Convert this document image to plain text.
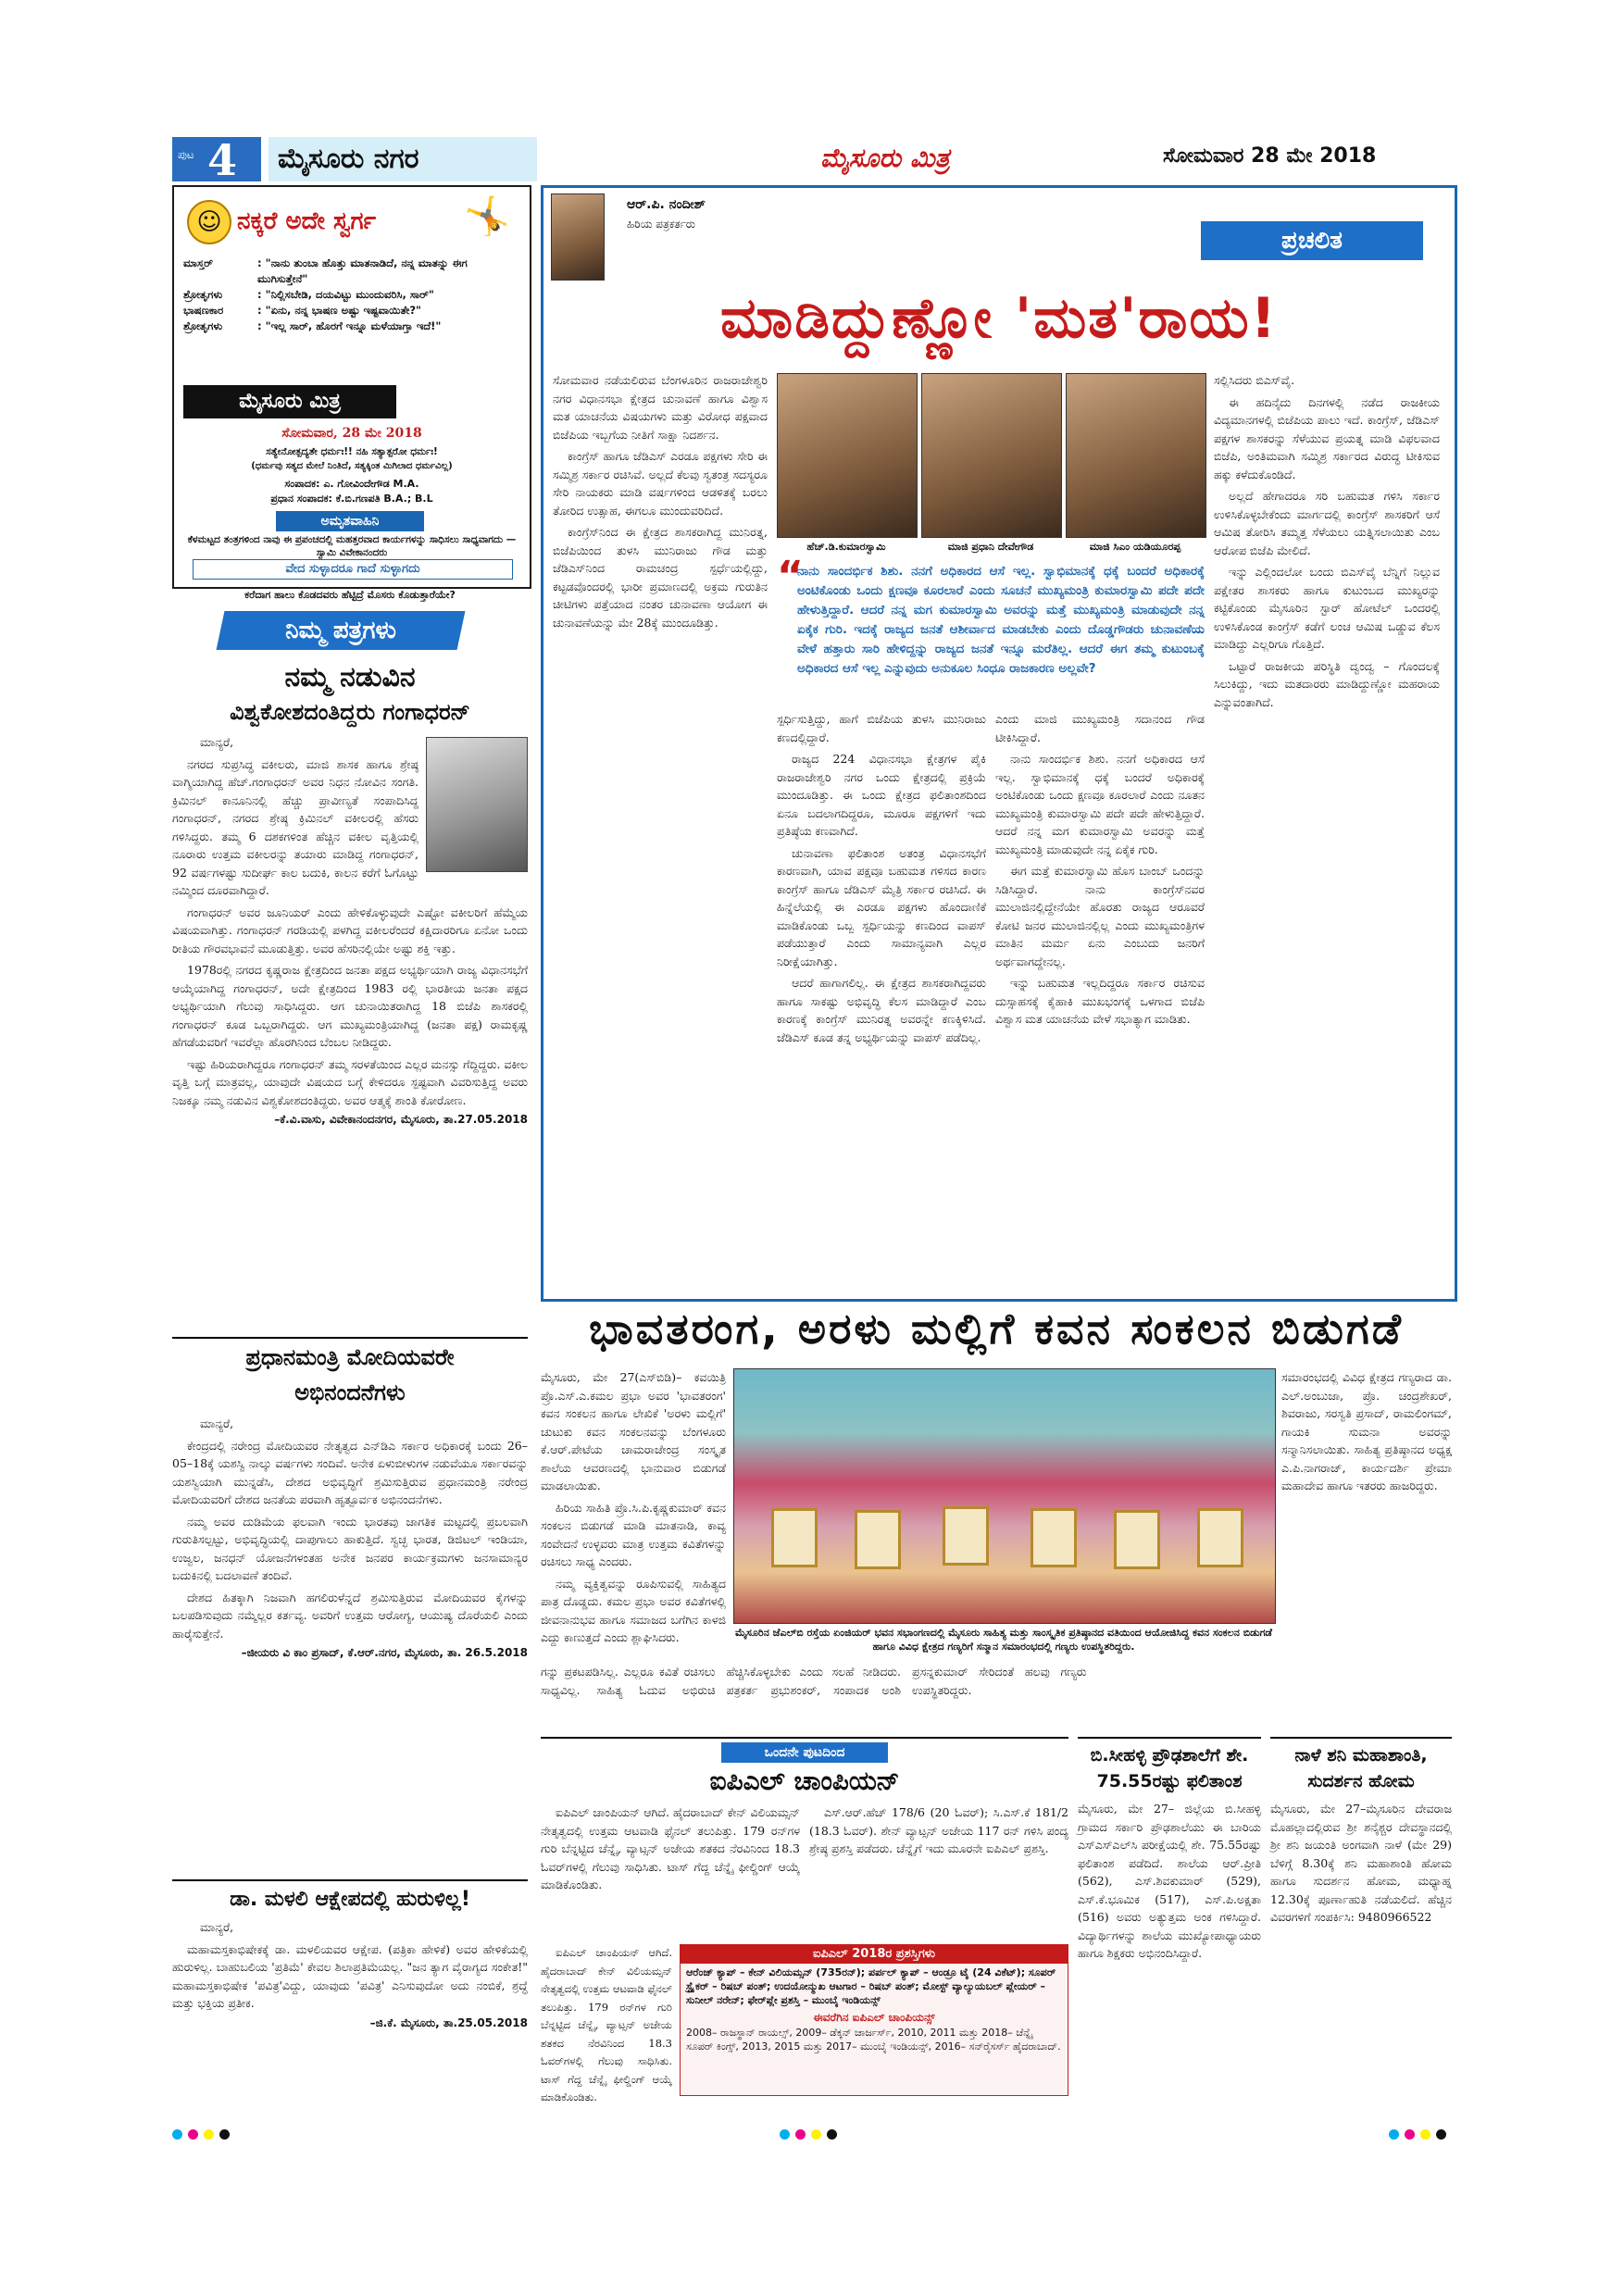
ಪುಟ 4	ಮೈಸೂರು ನಗರ	ಮೈಸೂರು ಮಿತ್ರ	ಸೋಮವಾರ 28 ಮೇ 2018
☺ ನಕ್ಕರೆ ಅದೇ ಸ್ವರ್ಗ 🤸
ಮಾಸ್ತರ್	: "ನಾನು ತುಂಬಾ ಹೊತ್ತು ಮಾತನಾಡಿದೆ, ನನ್ನ ಮಾತನ್ನು ಈಗ ಮುಗಿಸುತ್ತೇನೆ"
ಶ್ರೋತೃಗಳು	: "ನಿಲ್ಲಿಸಬೇಡಿ, ದಯವಿಟ್ಟು ಮುಂದುವರಿಸಿ, ಸಾರ್"
ಭಾಷಣಕಾರ	: "ಏನು, ನನ್ನ ಭಾಷಣ ಅಷ್ಟು ಇಷ್ಟವಾಯಿತೇ?"
ಶ್ರೋತೃಗಳು	: "ಇಲ್ಲ ಸಾರ್, ಹೊರಗೆ ಇನ್ನೂ ಮಳೆಯಾಗ್ತಾ ಇದೆ!"
ಮೈಸೂರು ಮಿತ್ರ
ಸೋಮವಾರ, 28 ಮೇ 2018
ಸತ್ಯೇನೋತ್ಪದ್ಯತೇ ಧರ್ಮಃ!! ನಹಿ ಸತ್ಯಾತ್ಪರೋ ಧರ್ಮಃ!
(ಧರ್ಮವು ಸತ್ಯದ ಮೇಲೆ ನಿಂತಿದೆ, ಸತ್ಯಕ್ಕಿಂತ ಮಿಗಿಲಾದ ಧರ್ಮವಿಲ್ಲ)
ಸಂಪಾದಕ: ಎ. ಗೋವಿಂದೇಗೌಡ M.A.
ಪ್ರಧಾನ ಸಂಪಾದಕ: ಕೆ.ಬಿ.ಗಣಪತಿ B.A.; B.L
ಅಮೃತವಾಹಿನಿ
ಕೆಳಮಟ್ಟದ ತಂತ್ರಗಳಿಂದ ನಾವು ಈ ಪ್ರಪಂಚದಲ್ಲಿ ಮಹತ್ತರವಾದ ಕಾರ್ಯಗಳನ್ನು ಸಾಧಿಸಲು ಸಾಧ್ಯವಾಗದು —ಸ್ವಾಮಿ ವಿವೇಕಾನಂದರು
ವೇದ ಸುಳ್ಳಾದರೂ ಗಾದೆ ಸುಳ್ಳಾಗದು
ಕರೆದಾಗ ಹಾಲು ಕೊಡದವರು ಹೆಟ್ಟಿದ್ರೆ ಮೊಸರು ಕೊಡುತ್ತಾರೆಯೇ?
ನಿಮ್ಮ ಪತ್ರಗಳು
ನಮ್ಮ ನಡುವಿನ
ವಿಶ್ವಕೋಶದಂತಿದ್ದರು ಗಂಗಾಧರನ್

ಮಾನ್ಯರೆ,

ನಗರದ ಸುಪ್ರಸಿದ್ಧ ವಕೀಲರು, ಮಾಜಿ ಶಾಸಕ ಹಾಗೂ ಶ್ರೇಷ್ಠ ವಾಗ್ಮಿಯಾಗಿದ್ದ ಹೆಚ್.ಗಂಗಾಧರನ್ ಅವರ ನಿಧನ ನೋವಿನ ಸಂಗತಿ. ಕ್ರಿಮಿನಲ್ ಕಾನೂನಿನಲ್ಲಿ ಹೆಚ್ಚು ಪ್ರಾವೀಣ್ಯತೆ ಸಂಪಾದಿಸಿದ್ದ ಗಂಗಾಧರನ್, ನಗರದ ಶ್ರೇಷ್ಠ ಕ್ರಿಮಿನಲ್ ವಕೀಲರಲ್ಲಿ ಹೆಸರು ಗಳಿಸಿದ್ದರು. ತಮ್ಮ 6 ದಶಕಗಳಿಂತ ಹೆಚ್ಚಿನ ವಕೀಲ ವೃತ್ತಿಯಲ್ಲಿ ನೂರಾರು ಉತ್ತಮ ವಕೀಲರನ್ನು ತಯಾರು ಮಾಡಿದ್ದ ಗಂಗಾಧರನ್, 92 ವರ್ಷಗಳಷ್ಟು ಸುದೀರ್ಘ ಕಾಲ ಬದುಕಿ, ಕಾಲನ ಕರೆಗೆ ಓಗೊಟ್ಟು ನಮ್ಮಿಂದ ದೂರವಾಗಿದ್ದಾರೆ.

ಗಂಗಾಧರನ್ ಅವರ ಜೂನಿಯರ್ ಎಂದು ಹೇಳಿಕೊಳ್ಳುವುದೇ ಎಷ್ಟೋ ವಕೀಲರಿಗೆ ಹೆಮ್ಮೆಯ ವಿಷಯವಾಗಿತ್ತು. ಗಂಗಾಧರನ್ ಗರಡಿಯಲ್ಲಿ ಪಳಗಿದ್ದ ವಕೀಲರೆಂದರೆ ಕಕ್ಷಿದಾರರಿಗೂ ಏನೋ ಒಂದು ರೀತಿಯ ಗೌರವಭಾವನೆ ಮೂಡುತ್ತಿತ್ತು. ಅವರ ಹೆಸರಿನಲ್ಲಿಯೇ ಅಷ್ಟು ಶಕ್ತಿ ಇತ್ತು.

1978ರಲ್ಲಿ ನಗರದ ಕೃಷ್ಣರಾಜ ಕ್ಷೇತ್ರದಿಂದ ಜನತಾ ಪಕ್ಷದ ಅಭ್ಯರ್ಥಿಯಾಗಿ ರಾಜ್ಯ ವಿಧಾನಸಭೆಗೆ ಆಯ್ಕೆಯಾಗಿದ್ದ ಗಂಗಾಧರನ್, ಅದೇ ಕ್ಷೇತ್ರದಿಂದ 1983 ರಲ್ಲಿ ಭಾರತೀಯ ಜನತಾ ಪಕ್ಷದ ಅಭ್ಯರ್ಥಿಯಾಗಿ ಗೆಲುವು ಸಾಧಿಸಿದ್ದರು. ಆಗ ಚುನಾಯಿತರಾಗಿದ್ದ 18 ಬಿಜೆಪಿ ಶಾಸಕರಲ್ಲಿ ಗಂಗಾಧರನ್ ಕೂಡ ಒಬ್ಬರಾಗಿದ್ದರು. ಆಗ ಮುಖ್ಯಮಂತ್ರಿಯಾಗಿದ್ದ (ಜನತಾ ಪಕ್ಷ) ರಾಮಕೃಷ್ಣ ಹೆಗಡೆಯವರಿಗೆ ಇವರೆಲ್ಲಾ ಹೊರಗಿನಿಂದ ಬೆಂಬಲ ನೀಡಿದ್ದರು.

ಇಷ್ಟು ಹಿರಿಯರಾಗಿದ್ದರೂ ಗಂಗಾಧರನ್ ತಮ್ಮ ಸರಳತೆಯಿಂದ ಎಲ್ಲರ ಮನಸ್ಸು ಗೆದ್ದಿದ್ದರು. ವಕೀಲ ವೃತ್ತಿ ಬಗ್ಗೆ ಮಾತ್ರವಲ್ಲ, ಯಾವುದೇ ವಿಷಯದ ಬಗ್ಗೆ ಕೇಳಿದರೂ ಸ್ಪಷ್ಟವಾಗಿ ವಿವರಿಸುತ್ತಿದ್ದ ಅವರು ನಿಜಕ್ಕೂ ನಮ್ಮ ನಡುವಿನ ವಿಶ್ವಕೋಶದಂತಿದ್ದರು. ಅವರ ಆತ್ಮಕ್ಕೆ ಶಾಂತಿ ಕೋರೋಣ.

–ಕೆ.ವಿ.ವಾಸು, ವಿವೇಕಾನಂದನಗರ, ಮೈಸೂರು, ತಾ.27.05.2018
ಪ್ರಧಾನಮಂತ್ರಿ ಮೋದಿಯವರೇ
ಅಭಿನಂದನೆಗಳು

ಮಾನ್ಯರೆ,

ಕೇಂದ್ರದಲ್ಲಿ ನರೇಂದ್ರ ಮೋದಿಯವರ ನೇತೃತ್ವದ ಎನ್‌ಡಿಎ ಸರ್ಕಾರ ಅಧಿಕಾರಕ್ಕೆ ಬಂದು 26–05–18ಕ್ಕೆ ಯಶಸ್ವಿ ನಾಲ್ಕು ವರ್ಷಗಳು ಸಂದಿವೆ. ಅನೇಕ ಏಳುಬೀಳುಗಳ ನಡುವೆಯೂ ಸರ್ಕಾರವನ್ನು ಯಶಸ್ವಿಯಾಗಿ ಮುನ್ನಡೆಸಿ, ದೇಶದ ಅಭಿವೃದ್ಧಿಗೆ ಶ್ರಮಿಸುತ್ತಿರುವ ಪ್ರಧಾನಮಂತ್ರಿ ನರೇಂದ್ರ ಮೋದಿಯವರಿಗೆ ದೇಶದ ಜನತೆಯ ಪರವಾಗಿ ಹೃತ್ಪೂರ್ವಕ ಅಭಿನಂದನೆಗಳು.

ನಮ್ಮ ಅವರ ದುಡಿಮೆಯ ಫಲವಾಗಿ ಇಂದು ಭಾರತವು ಜಾಗತಿಕ ಮಟ್ಟದಲ್ಲಿ ಪ್ರಬಲವಾಗಿ ಗುರುತಿಸಲ್ಪಟ್ಟು, ಅಭಿವೃದ್ಧಿಯಲ್ಲಿ ದಾಪುಗಾಲು ಹಾಕುತ್ತಿದೆ. ಸ್ವಚ್ಛ ಭಾರತ, ಡಿಜಿಟಲ್ ಇಂಡಿಯಾ, ಉಜ್ವಲ, ಜನಧನ್ ಯೋಜನೆಗಳಂತಹ ಅನೇಕ ಜನಪರ ಕಾರ್ಯಕ್ರಮಗಳು ಜನಸಾಮಾನ್ಯರ ಬದುಕಿನಲ್ಲಿ ಬದಲಾವಣೆ ತಂದಿವೆ.

ದೇಶದ ಹಿತಕ್ಕಾಗಿ ನಿಜವಾಗಿ ಹಗಲಿರುಳೆನ್ನದೆ ಶ್ರಮಿಸುತ್ತಿರುವ ಮೋದಿಯವರ ಕೈಗಳನ್ನು ಬಲಪಡಿಸುವುದು ನಮ್ಮೆಲ್ಲರ ಕರ್ತವ್ಯ. ಅವರಿಗೆ ಉತ್ತಮ ಆರೋಗ್ಯ, ಆಯುಷ್ಯ ದೊರೆಯಲಿ ಎಂದು ಹಾರೈಸುತ್ತೇನೆ.

–ಜೀಯರು ವಿ ಕಾಂ ಪ್ರಸಾದ್, ಕೆ.ಆರ್.ನಗರ, ಮೈಸೂರು, ತಾ. 26.5.2018
ಡಾ. ಮಳಲಿ ಆಕ್ಷೇಪದಲ್ಲಿ ಹುರುಳಿಲ್ಲ!

ಮಾನ್ಯರೆ,

ಮಹಾಮಸ್ತಕಾಭಿಷೇಕಕ್ಕೆ ಡಾ. ಮಳಲಿಯವರ ಆಕ್ಷೇಪ. (ಪತ್ರಿಕಾ ಹೇಳಿಕೆ) ಅವರ ಹೇಳಿಕೆಯಲ್ಲಿ ಹುರುಳಿಲ್ಲ. ಬಾಹುಬಲಿಯ 'ಪ್ರತಿಮೆ' ಕೇವಲ ಶಿಲಾಪ್ರತಿಮೆಯಲ್ಲ. "ಜನ ತ್ಯಾಗ ವೈರಾಗ್ಯದ ಸಂಕೇತ!" ಮಹಾಮಸ್ತಕಾಭಿಷೇಕ 'ಪವಿತ್ರ'ವಿದ್ದು, ಯಾವುದು 'ಪವಿತ್ರ' ಎನಿಸುವುದೋ ಅದು ನಂಬಿಕೆ, ಶ್ರದ್ಧೆ ಮತ್ತು ಭಕ್ತಿಯ ಪ್ರತೀಕ.

–ಜಿ.ಕೆ. ಮೈಸೂರು, ತಾ.25.05.2018
ಆರ್.ಪಿ. ನಂದೀಶ್
ಹಿರಿಯ ಪತ್ರಕರ್ತರು
ಪ್ರಚಲಿತ
ಮಾಡಿದ್ದುಣ್ಣೋ 'ಮತ'ರಾಯ!

ಸೋಮವಾರ ನಡೆಯಲಿರುವ ಬೆಂಗಳೂರಿನ ರಾಜರಾಜೇಶ್ವರಿ ನಗರ ವಿಧಾನಸಭಾ ಕ್ಷೇತ್ರದ ಚುನಾವಣೆ ಹಾಗೂ ವಿಶ್ವಾಸ ಮತ ಯಾಚನೆಯ ವಿಷಯಗಳು ಮತ್ತು ವಿರೋಧ ಪಕ್ಷವಾದ ಬಿಜೆಪಿಯ ಇಬ್ಬಗೆಯ ನೀತಿಗೆ ಸಾಕ್ಷಾ ನಿದರ್ಶನ.

ಕಾಂಗ್ರೆಸ್ ಹಾಗೂ ಜೆಡಿಎಸ್ ಎರಡೂ ಪಕ್ಷಗಳು ಸೇರಿ ಈ ಸಮ್ಮಿಶ್ರ ಸರ್ಕಾರ ರಚಿಸಿವೆ. ಅಲ್ಲದೆ ಕೆಲವು ಸ್ವತಂತ್ರ ಸದಸ್ಯರೂ ಸೇರಿ ನಾಯಕರು ಮಾಡಿ ವರ್ಷಗಳಿಂದ ಆಡಳಿತಕ್ಕೆ ಬರಲು ತೋರಿದ ಉತ್ಸಾಹ, ಈಗಲೂ ಮುಂದುವರಿದಿದೆ.

ಕಾಂಗ್ರೆಸ್‌ನಿಂದ ಈ ಕ್ಷೇತ್ರದ ಶಾಸಕರಾಗಿದ್ದ ಮುನಿರತ್ನ, ಬಿಜೆಪಿಯಿಂದ ತುಳಸಿ ಮುನಿರಾಜು ಗೌಡ ಮತ್ತು ಜೆಡಿಎಸ್‌ನಿಂದ ರಾಮಚಂದ್ರ ಸ್ಪರ್ಧೆಯಲ್ಲಿದ್ದು, ಕಟ್ಟಡವೊಂದರಲ್ಲಿ ಭಾರೀ ಪ್ರಮಾಣದಲ್ಲಿ ಅಕ್ರಮ ಗುರುತಿನ ಚೀಟಿಗಳು ಪತ್ತೆಯಾದ ನಂತರ ಚುನಾವಣಾ ಆಯೋಗ ಈ ಚುನಾವಣೆಯನ್ನು ಮೇ 28ಕ್ಕೆ ಮುಂದೂಡಿತ್ತು.

ಹೆಚ್.ಡಿ.ಕುಮಾರಸ್ವಾಮಿ	ಮಾಜಿ ಪ್ರಧಾನಿ ದೇವೇಗೌಡ	ಮಾಜಿ ಸಿಎಂ ಯಡಿಯೂರಪ್ಪ
“
ನಾನು ಸಾಂದರ್ಭಿಕ ಶಿಶು. ನನಗೆ ಅಧಿಕಾರದ ಆಸೆ ಇಲ್ಲ. ಸ್ವಾಭಿಮಾನಕ್ಕೆ ಧಕ್ಕೆ ಬಂದರೆ ಅಧಿಕಾರಕ್ಕೆ ಅಂಟಿಕೊಂಡು ಒಂದು ಕ್ಷಣವೂ ಕೂರಲಾರೆ ಎಂದು ಸೂಚನೆ ಮುಖ್ಯಮಂತ್ರಿ ಕುಮಾರಸ್ವಾಮಿ ಪದೇ ಪದೇ ಹೇಳುತ್ತಿದ್ದಾರೆ. ಆದರೆ ನನ್ನ ಮಗ ಕುಮಾರಸ್ವಾಮಿ ಅವರನ್ನು ಮತ್ತೆ ಮುಖ್ಯಮಂತ್ರಿ ಮಾಡುವುದೇ ನನ್ನ ಏಕೈಕ ಗುರಿ. ಇದಕ್ಕೆ ರಾಜ್ಯದ ಜನತೆ ಆಶೀರ್ವಾದ ಮಾಡಬೇಕು ಎಂದು ದೊಡ್ಡಗೌಡರು ಚುನಾವಣೆಯ ವೇಳೆ ಹತ್ತಾರು ಸಾರಿ ಹೇಳಿದ್ದನ್ನು ರಾಜ್ಯದ ಜನತೆ ಇನ್ನೂ ಮರೆತಿಲ್ಲ. ಆದರೆ ಈಗ ತಮ್ಮ ಕುಟುಂಬಕ್ಕೆ ಅಧಿಕಾರದ ಆಸೆ ಇಲ್ಲ ಎನ್ನುವುದು ಅನುಕೂಲ ಸಿಂಧೂ ರಾಜಕಾರಣ ಅಲ್ಲವೇ?

ಸ್ಪರ್ಧಿಸುತ್ತಿದ್ದು, ಹಾಗೆ ಬಿಜೆಪಿಯ ತುಳಸಿ ಮುನಿರಾಜು ಕಣದಲ್ಲಿದ್ದಾರೆ.

ರಾಜ್ಯದ 224 ವಿಧಾನಸಭಾ ಕ್ಷೇತ್ರಗಳ ಪೈಕಿ ರಾಜರಾಜೇಶ್ವರಿ ನಗರ ಒಂದು ಕ್ಷೇತ್ರದಲ್ಲಿ ಪ್ರಕ್ರಿಯೆ ಮುಂದೂಡಿತ್ತು. ಈ ಒಂದು ಕ್ಷೇತ್ರದ ಫಲಿತಾಂಶದಿಂದ ಏನೂ ಬದಲಾಗದಿದ್ದರೂ, ಮೂರೂ ಪಕ್ಷಗಳಿಗೆ ಇದು ಪ್ರತಿಷ್ಠೆಯ ಕಣವಾಗಿದೆ.

ಚುನಾವಣಾ ಫಲಿತಾಂಶ ಅತಂತ್ರ ವಿಧಾನಸಭೆಗೆ ಕಾರಣವಾಗಿ, ಯಾವ ಪಕ್ಷವೂ ಬಹುಮತ ಗಳಿಸದ ಕಾರಣ ಕಾಂಗ್ರೆಸ್ ಹಾಗೂ ಜೆಡಿಎಸ್ ಮೈತ್ರಿ ಸರ್ಕಾರ ರಚಿಸಿದೆ. ಈ ಹಿನ್ನೆಲೆಯಲ್ಲಿ ಈ ಎರಡೂ ಪಕ್ಷಗಳು ಹೊಂದಾಣಿಕೆ ಮಾಡಿಕೊಂಡು ಒಬ್ಬ ಸ್ಪರ್ಧಿಯನ್ನು ಕಣದಿಂದ ವಾಪಸ್ ಪಡೆಯುತ್ತಾರೆ ಎಂದು ಸಾಮಾನ್ಯವಾಗಿ ಎಲ್ಲರ ನಿರೀಕ್ಷೆಯಾಗಿತ್ತು.

ಆದರೆ ಹಾಗಾಗಲಿಲ್ಲ. ಈ ಕ್ಷೇತ್ರದ ಶಾಸಕರಾಗಿದ್ದವರು ಹಾಗೂ ಸಾಕಷ್ಟು ಅಭಿವೃದ್ಧಿ ಕೆಲಸ ಮಾಡಿದ್ದಾರೆ ಎಂಬ ಕಾರಣಕ್ಕೆ ಕಾಂಗ್ರೆಸ್ ಮುನಿರತ್ನ ಅವರನ್ನೇ ಕಣಕ್ಕಿಳಿಸಿದೆ. ಜೆಡಿಎಸ್ ಕೂಡ ತನ್ನ ಅಭ್ಯರ್ಥಿಯನ್ನು ವಾಪಸ್ ಪಡೆದಿಲ್ಲ.

ಎಂದು ಮಾಜಿ ಮುಖ್ಯಮಂತ್ರಿ ಸದಾನಂದ ಗೌಡ ಟೀಕಿಸಿದ್ದಾರೆ.

ನಾನು ಸಾಂದರ್ಭಿಕ ಶಿಶು. ನನಗೆ ಅಧಿಕಾರದ ಆಸೆ ಇಲ್ಲ. ಸ್ವಾಭಿಮಾನಕ್ಕೆ ಧಕ್ಕೆ ಬಂದರೆ ಅಧಿಕಾರಕ್ಕೆ ಅಂಟಿಕೊಂಡು ಒಂದು ಕ್ಷಣವೂ ಕೂರಲಾರೆ ಎಂದು ನೂತನ ಮುಖ್ಯಮಂತ್ರಿ ಕುಮಾರಸ್ವಾಮಿ ಪದೇ ಪದೇ ಹೇಳುತ್ತಿದ್ದಾರೆ. ಆದರೆ ನನ್ನ ಮಗ ಕುಮಾರಸ್ವಾಮಿ ಅವರನ್ನು ಮತ್ತೆ ಮುಖ್ಯಮಂತ್ರಿ ಮಾಡುವುದೇ ನನ್ನ ಏಕೈಕ ಗುರಿ.

ಈಗ ಮತ್ತೆ ಕುಮಾರಸ್ವಾಮಿ ಹೊಸ ಬಾಂಬ್ ಒಂದನ್ನು ಸಿಡಿಸಿದ್ದಾರೆ. ನಾನು ಕಾಂಗ್ರೆಸ್‌ನವರ ಮುಲಾಜಿನಲ್ಲಿದ್ದೇನೆಯೇ ಹೊರತು ರಾಜ್ಯದ ಆರೂವರೆ ಕೋಟಿ ಜನರ ಮುಲಾಜಿನಲ್ಲಿಲ್ಲ ಎಂದು ಮುಖ್ಯಮಂತ್ರಿಗಳ ಮಾತಿನ ಮರ್ಮ ಏನು ಎಂಬುದು ಜನರಿಗೆ ಅರ್ಥವಾಗದ್ದೇನಲ್ಲ.

ಇನ್ನು ಬಹುಮತ ಇಲ್ಲದಿದ್ದರೂ ಸರ್ಕಾರ ರಚಿಸುವ ದುಸ್ಸಾಹಸಕ್ಕೆ ಕೈಹಾಕಿ ಮುಖಭಂಗಕ್ಕೆ ಒಳಗಾದ ಬಿಜೆಪಿ ವಿಶ್ವಾಸ ಮತ ಯಾಚನೆಯ ವೇಳೆ ಸಭಾತ್ಯಾಗ ಮಾಡಿತು.

ಸಲ್ಲಿಸಿದರು ಬಿಎಸ್‌ವೈ.

ಈ ಹದಿನೈದು ದಿನಗಳಲ್ಲಿ ನಡೆದ ರಾಜಕೀಯ ವಿದ್ಯಮಾನಗಳಲ್ಲಿ ಬಿಜೆಪಿಯ ಪಾಲು ಇದೆ. ಕಾಂಗ್ರೆಸ್, ಜೆಡಿಎಸ್ ಪಕ್ಷಗಳ ಶಾಸಕರನ್ನು ಸೆಳೆಯುವ ಪ್ರಯತ್ನ ಮಾಡಿ ವಿಫಲವಾದ ಬಿಜೆಪಿ, ಅಂತಿಮವಾಗಿ ಸಮ್ಮಿಶ್ರ ಸರ್ಕಾರದ ವಿರುದ್ಧ ಟೀಕಿಸುವ ಹಕ್ಕು ಕಳೆದುಕೊಂಡಿದೆ.

ಅಲ್ಲದೆ ಹೇಗಾದರೂ ಸರಿ ಬಹುಮತ ಗಳಿಸಿ ಸರ್ಕಾರ ಉಳಿಸಿಕೊಳ್ಳಬೇಕೆಂದು ಮಾರ್ಗದಲ್ಲಿ ಕಾಂಗ್ರೆಸ್ ಶಾಸಕರಿಗೆ ಆಸೆ ಆಮಿಷ ತೋರಿಸಿ ತಮ್ಮತ್ತ ಸೆಳೆಯಲು ಯತ್ನಿಸಲಾಯಿತು ಎಂಬ ಆರೋಪ ಬಿಜೆಪಿ ಮೇಲಿದೆ.

ಇನ್ನು ಎಲ್ಲಿಂದಲೋ ಬಂದು ಬಿಎಸ್‌ವೈ ಬೆನ್ನಿಗೆ ನಿಲ್ಲುವ ಪಕ್ಷೇತರ ಶಾಸಕರು ಹಾಗೂ ಕುಟುಂಬದ ಮುಖ್ಯರನ್ನು ಕಟ್ಟಿಕೊಂಡು ಮೈಸೂರಿನ ಸ್ಟಾರ್ ಹೋಟೆಲ್ ಒಂದರಲ್ಲಿ ಉಳಿಸಿಕೊಂಡ ಕಾಂಗ್ರೆಸ್ ಕಡೆಗೆ ಲಂಚ ಆಮಿಷ ಒಡ್ಡುವ ಕೆಲಸ ಮಾಡಿದ್ದು ಎಲ್ಲರಿಗೂ ಗೊತ್ತಿದೆ.

ಒಟ್ಟಾರೆ ರಾಜಕೀಯ ಪರಿಸ್ಥಿತಿ ದ್ವಂದ್ವ – ಗೊಂದಲಕ್ಕೆ ಸಿಲುಕಿದ್ದು, ಇದು ಮತದಾರರು ಮಾಡಿದ್ದುಣ್ಣೋ ಮಹರಾಯ ಎನ್ನುವಂತಾಗಿದೆ.

ಭಾವತರಂಗ, ಅರಳು ಮಲ್ಲಿಗೆ ಕವನ ಸಂಕಲನ ಬಿಡುಗಡೆ

ಮೈಸೂರು, ಮೇ 27(ಎಸ್‌ಬಿಡಿ)– ಕವಯಿತ್ರಿ ಪ್ರೊ.ಎಸ್.ಎ.ಕಮಲ ಪ್ರಭಾ ಅವರ 'ಭಾವತರಂಗ' ಕವನ ಸಂಕಲನ ಹಾಗೂ ಲೇಖಿಕೆ 'ಅರಳು ಮಲ್ಲಿಗೆ' ಚುಟುಕು ಕವನ ಸಂಕಲನವನ್ನು ಬೆಂಗಳೂರು ಕೆ.ಆರ್.ಪೇಟೆಯ ಚಾಮರಾಜೇಂದ್ರ ಸಂಸ್ಕೃತ ಶಾಲೆಯ ಆವರಣದಲ್ಲಿ ಭಾನುವಾರ ಬಿಡುಗಡೆ ಮಾಡಲಾಯಿತು.

ಹಿರಿಯ ಸಾಹಿತಿ ಪ್ರೊ.ಸಿ.ಪಿ.ಕೃಷ್ಣಕುಮಾರ್ ಕವನ ಸಂಕಲನ ಬಿಡುಗಡೆ ಮಾಡಿ ಮಾತನಾಡಿ, ಕಾವ್ಯ ಸಂವೇದನೆ ಉಳ್ಳವರು ಮಾತ್ರ ಉತ್ತಮ ಕವಿತೆಗಳನ್ನು ರಚಿಸಲು ಸಾಧ್ಯ ಎಂದರು.

ನಮ್ಮ ವ್ಯಕ್ತಿತ್ವವನ್ನು ರೂಪಿಸುವಲ್ಲಿ ಸಾಹಿತ್ಯದ ಪಾತ್ರ ದೊಡ್ಡದು. ಕಮಲ ಪ್ರಭಾ ಅವರ ಕವಿತೆಗಳಲ್ಲಿ ಜೀವನಾನುಭವ ಹಾಗೂ ಸಮಾಜದ ಬಗೆಗಿನ ಕಾಳಜಿ ಎದ್ದು ಕಾಣುತ್ತದೆ ಎಂದು ಶ್ಲಾಘಿಸಿದರು.	ಮೈಸೂರಿನ ಜೆಎಲ್‌ಬಿ ರಸ್ತೆಯ ಏಂಜಿಯರ್ ಭವನ ಸಭಾಂಗಣದಲ್ಲಿ ಮೈಸೂರು ಸಾಹಿತ್ಯ ಮತ್ತು ಸಾಂಸ್ಕೃತಿಕ ಪ್ರತಿಷ್ಠಾನದ ವತಿಯಿಂದ ಆಯೋಜಿಸಿದ್ದ ಕವನ ಸಂಕಲನ ಬಿಡುಗಡೆ ಹಾಗೂ ವಿವಿಧ ಕ್ಷೇತ್ರದ ಗಣ್ಯರಿಗೆ ಸನ್ಮಾನ ಸಮಾರಂಭದಲ್ಲಿ ಗಣ್ಯರು ಉಪಸ್ಥಿತರಿದ್ದರು.

ಸಮಾರಂಭದಲ್ಲಿ ವಿವಿಧ ಕ್ಷೇತ್ರದ ಗಣ್ಯರಾದ ಡಾ. ಎಲ್.ಅಂಬುಜಾ, ಪ್ರೊ. ಚಂದ್ರಶೇಖರ್, ಶಿವರಾಜು, ಸರಸ್ವತಿ ಪ್ರಸಾದ್, ರಾಮಲಿಂಗಮ್, ಗಾಯಕಿ ಸುಮನಾ ಅವರನ್ನು ಸನ್ಮಾನಿಸಲಾಯಿತು. ಸಾಹಿತ್ಯ ಪ್ರತಿಷ್ಠಾನದ ಅಧ್ಯಕ್ಷ ಎ.ಪಿ.ನಾಗರಾಜ್, ಕಾರ್ಯದರ್ಶಿ ಪ್ರೇಮಾ ಮಹಾದೇವ ಹಾಗೂ ಇತರರು ಹಾಜರಿದ್ದರು.

ಗನ್ನು ಪ್ರಕಟಪಡಿಸಿಲ್ಲ. ಎಲ್ಲರೂ ಕವಿತೆ ರಚಿಸಲು ಸಾಧ್ಯವಿಲ್ಲ. ಸಾಹಿತ್ಯ ಓದುವ ಅಭಿರುಚಿ ಹೆಚ್ಚಿಸಿಕೊಳ್ಳಬೇಕು ಎಂದು ಸಲಹೆ ನೀಡಿದರು. ಪತ್ರಕರ್ತ ಪ್ರಭುಶಂಕರ್, ಸಂಪಾದಕ ಅಂಶಿ ಪ್ರಸನ್ನಕುಮಾರ್ ಸೇರಿದಂತೆ ಹಲವು ಗಣ್ಯರು ಉಪಸ್ಥಿತರಿದ್ದರು.

ಒಂದನೇ ಪುಟದಿಂದ
ಐಪಿಎಲ್ ಚಾಂಪಿಯನ್

ಐಪಿಎಲ್ ಚಾಂಪಿಯನ್ ಆಗಿದೆ. ಹೈದರಾಬಾದ್ ಕೇನ್ ವಿಲಿಯಮ್ಸನ್ ನೇತೃತ್ವದಲ್ಲಿ ಉತ್ತಮ ಆಟವಾಡಿ ಫೈನಲ್ ತಲುಪಿತ್ತು. 179 ರನ್‌ಗಳ ಗುರಿ ಬೆನ್ನಟ್ಟಿದ ಚೆನ್ನೈ, ವ್ಯಾಟ್ಸನ್ ಅಜೇಯ ಶತಕದ ನೆರವಿನಿಂದ 18.3 ಓವರ್‌ಗಳಲ್ಲಿ ಗೆಲುವು ಸಾಧಿಸಿತು. ಟಾಸ್ ಗೆದ್ದ ಚೆನ್ನೈ ಫೀಲ್ಡಿಂಗ್ ಆಯ್ಕೆ ಮಾಡಿಕೊಂಡಿತು.

ಎಸ್.ಆರ್.ಹೆಚ್ 178/6 (20 ಓವರ್); ಸಿ.ಎಸ್.ಕೆ 181/2 (18.3 ಓವರ್). ಶೇನ್ ವ್ಯಾಟ್ಸನ್ ಅಜೇಯ 117 ರನ್ ಗಳಿಸಿ ಪಂದ್ಯ ಶ್ರೇಷ್ಠ ಪ್ರಶಸ್ತಿ ಪಡೆದರು. ಚೆನ್ನೈಗೆ ಇದು ಮೂರನೇ ಐಪಿಎಲ್ ಪ್ರಶಸ್ತಿ.

ಐಪಿಎಲ್ 2018ರ ಪ್ರಶಸ್ತಿಗಳು
ಆರೆಂಜ್ ಕ್ಯಾಪ್ – ಕೇನ್ ವಿಲಿಯಮ್ಸನ್ (735ರನ್); ಪರ್ಪಲ್ ಕ್ಯಾಪ್ – ಆಂಡ್ರೂ ಟೈ (24 ವಿಕೆಟ್); ಸೂಪರ್ ಸ್ಟ್ರೈಕರ್ – ರಿಷಬ್ ಪಂತ್; ಉದಯೋನ್ಮುಖ ಆಟಗಾರ – ರಿಷಬ್ ಪಂತ್; ಮೋಸ್ಟ್ ವ್ಯಾಲ್ಯುಯಬಲ್ ಪ್ಲೇಯರ್ – ಸುನೀಲ್ ನರೇನ್; ಫೇರ್‌ಪ್ಲೇ ಪ್ರಶಸ್ತಿ – ಮುಂಬೈ ಇಂಡಿಯನ್ಸ್
ಈವರೆಗಿನ ಐಪಿಎಲ್ ಚಾಂಪಿಯನ್ಸ್
2008– ರಾಜಸ್ಥಾನ್ ರಾಯಲ್ಸ್, 2009– ಡೆಕ್ಕನ್ ಚಾರ್ಜರ್ಸ್, 2010, 2011 ಮತ್ತು 2018– ಚೆನ್ನೈ ಸೂಪರ್ ಕಿಂಗ್ಸ್, 2013, 2015 ಮತ್ತು 2017– ಮುಂಬೈ ಇಂಡಿಯನ್ಸ್, 2016– ಸನ್‌ರೈಸರ್ಸ್ ಹೈದರಾಬಾದ್.

ಐಪಿಎಲ್ ಚಾಂಪಿಯನ್ ಆಗಿದೆ. ಹೈದರಾಬಾದ್ ಕೇನ್ ವಿಲಿಯಮ್ಸನ್ ನೇತೃತ್ವದಲ್ಲಿ ಉತ್ತಮ ಆಟವಾಡಿ ಫೈನಲ್ ತಲುಪಿತ್ತು. 179 ರನ್‌ಗಳ ಗುರಿ ಬೆನ್ನಟ್ಟಿದ ಚೆನ್ನೈ, ವ್ಯಾಟ್ಸನ್ ಅಜೇಯ ಶತಕದ ನೆರವಿನಿಂದ 18.3 ಓವರ್‌ಗಳಲ್ಲಿ ಗೆಲುವು ಸಾಧಿಸಿತು. ಟಾಸ್ ಗೆದ್ದ ಚೆನ್ನೈ ಫೀಲ್ಡಿಂಗ್ ಆಯ್ಕೆ ಮಾಡಿಕೊಂಡಿತು.

ಬಿ.ಸೀಹಳ್ಳಿ ಪ್ರೌಢಶಾಲೆಗೆ ಶೇ. 75.55ರಷ್ಟು ಫಲಿತಾಂಶ

ಮೈಸೂರು, ಮೇ 27– ಜಿಲ್ಲೆಯ ಬಿ.ಸೀಹಳ್ಳಿ ಗ್ರಾಮದ ಸರ್ಕಾರಿ ಪ್ರೌಢಶಾಲೆಯು ಈ ಬಾರಿಯ ಎಸ್ಎಸ್ಎಲ್‌ಸಿ ಪರೀಕ್ಷೆಯಲ್ಲಿ ಶೇ. 75.55ರಷ್ಟು ಫಲಿತಾಂಶ ಪಡೆದಿದೆ. ಶಾಲೆಯ ಆರ್.ಪ್ರೀತಿ (562), ಎಸ್.ಶಿವಕುಮಾರ್ (529), ಎಸ್.ಕೆ.ಭೂಮಿಕ (517), ಎಸ್.ಪಿ.ಅಕ್ಷತಾ (516) ಅವರು ಅತ್ಯುತ್ತಮ ಅಂಕ ಗಳಿಸಿದ್ದಾರೆ. ವಿದ್ಯಾರ್ಥಿಗಳನ್ನು ಶಾಲೆಯ ಮುಖ್ಯೋಪಾಧ್ಯಾಯರು ಹಾಗೂ ಶಿಕ್ಷಕರು ಅಭಿನಂದಿಸಿದ್ದಾರೆ.

ನಾಳೆ ಶನಿ ಮಹಾಶಾಂತಿ, ಸುದರ್ಶನ ಹೋಮ

ಮೈಸೂರು, ಮೇ 27–ಮೈಸೂರಿನ ದೇವರಾಜ ಮೊಹಲ್ಲಾದಲ್ಲಿರುವ ಶ್ರೀ ಶನೈಶ್ಚರ ದೇವಸ್ಥಾನದಲ್ಲಿ ಶ್ರೀ ಶನಿ ಜಯಂತಿ ಅಂಗವಾಗಿ ನಾಳೆ (ಮೇ 29) ಬೆಳಿಗ್ಗೆ 8.30ಕ್ಕೆ ಶನಿ ಮಹಾಶಾಂತಿ ಹೋಮ ಹಾಗೂ ಸುದರ್ಶನ ಹೋಮ, ಮಧ್ಯಾಹ್ನ 12.30ಕ್ಕೆ ಪೂರ್ಣಾಹುತಿ ನಡೆಯಲಿದೆ. ಹೆಚ್ಚಿನ ವಿವರಗಳಿಗೆ ಸಂಪರ್ಕಿಸಿ: 9480966522
